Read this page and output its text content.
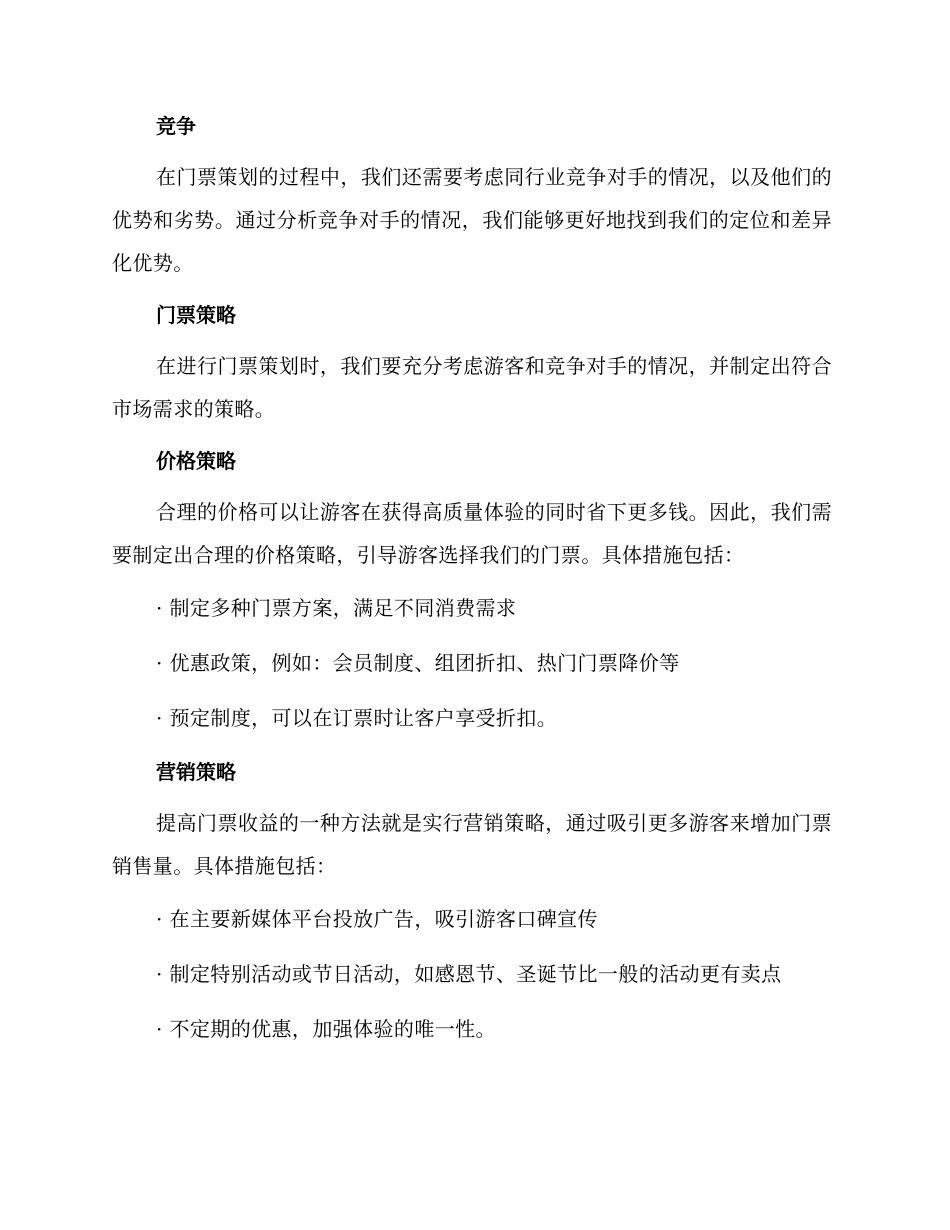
竞争
在门票策划的过程中，我们还需要考虑同行业竞争对手的情况，以及他们的优势和劣势。通过分析竞争对手的情况，我们能够更好地找到我们的定位和差异化优势。
门票策略
在进行门票策划时，我们要充分考虑游客和竞争对手的情况，并制定出符合市场需求的策略。
价格策略
合理的价格可以让游客在获得高质量体验的同时省下更多钱。因此，我们需要制定出合理的价格策略，引导游客选择我们的门票。具体措施包括：
· 制定多种门票方案，满足不同消费需求
· 优惠政策，例如：会员制度、组团折扣、热门门票降价等
· 预定制度，可以在订票时让客户享受折扣。
营销策略
提高门票收益的一种方法就是实行营销策略，通过吸引更多游客来增加门票销售量。具体措施包括：
· 在主要新媒体平台投放广告，吸引游客口碑宣传
· 制定特别活动或节日活动，如感恩节、圣诞节比一般的活动更有卖点
· 不定期的优惠，加强体验的唯一性。
